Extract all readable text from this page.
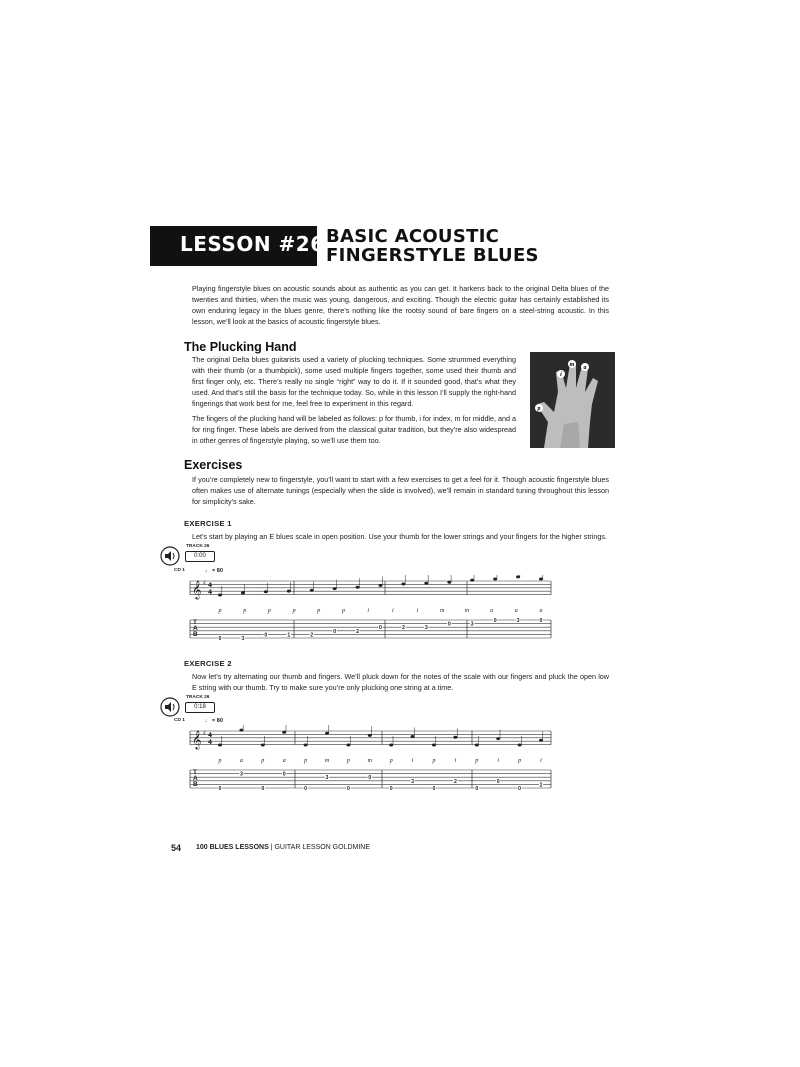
LESSON #26:
BASIC ACOUSTIC
FINGERSTYLE BLUES
Playing fingerstyle blues on acoustic sounds about as authentic as you can get. It harkens back to the original Delta blues of the twenties and thirties, when the music was young, dangerous, and exciting. Though the electric guitar has certainly established its own enduring legacy in the blues genre, there’s nothing like the rootsy sound of bare fingers on a steel-string acoustic. In this lesson, we’ll look at the basics of acoustic fingerstyle blues.
The Plucking Hand
The original Delta blues guitarists used a variety of plucking techniques. Some strummed everything with their thumb (or a thumbpick), some used multiple fingers together, some used their thumb and first finger only, etc. There’s really no single “right” way to do it. If it sounded good, that’s what they used. And that’s still the basis for the technique today. So, while in this lesson I’ll supply the right-hand fingerings that work best for me, feel free to experiment in this regard.
The fingers of the plucking hand will be labeled as follows: p for thumb, i for index, m for middle, and a for ring finger. These labels are derived from the classical guitar tradition, but they’re also widespread in other genres of fingerstyle playing, so we’ll use them too.
p
i
m a
Exercises
If you’re completely new to fingerstyle, you’ll want to start with a few exercises to get a feel for it. Though acoustic fingerstyle blues often makes use of alternate tunings (especially when the slide is involved), we’ll remain in standard tuning throughout this lesson for simplicity’s sake.
EXERCISE 1
Let’s start by playing an E blues scale in open position. Use your thumb for the lower strings and your fingers for the higher strings.
TRACK 26
0:00
CD 1	♩ = 80
𝄞 ♯ 4
4
T
A
B
0	3
0	1	2
0	2
0	2	3
0	3
0	3	0
p	p	p	p	p	p	i	i	i	m	m	a	a	a
EXERCISE 2
Now let’s try alternating our thumb and fingers. We’ll pluck down for the notes of the scale with our fingers and pluck the open low E string with our thumb. Try to make sure you’re only plucking one string at a time.
TRACK 26
0:18
CD 1	♩ = 80
𝄞 ♯ 4
4
T
A
B
0
3
0
0
0
3
0
0
0
3
0
2
0
0
0
2
p	a	p	a	p	m	p	m	p	i	p	i	p	i	p	i
54 100 BLUES LESSONS | GUITAR LESSON GOLDMINE
